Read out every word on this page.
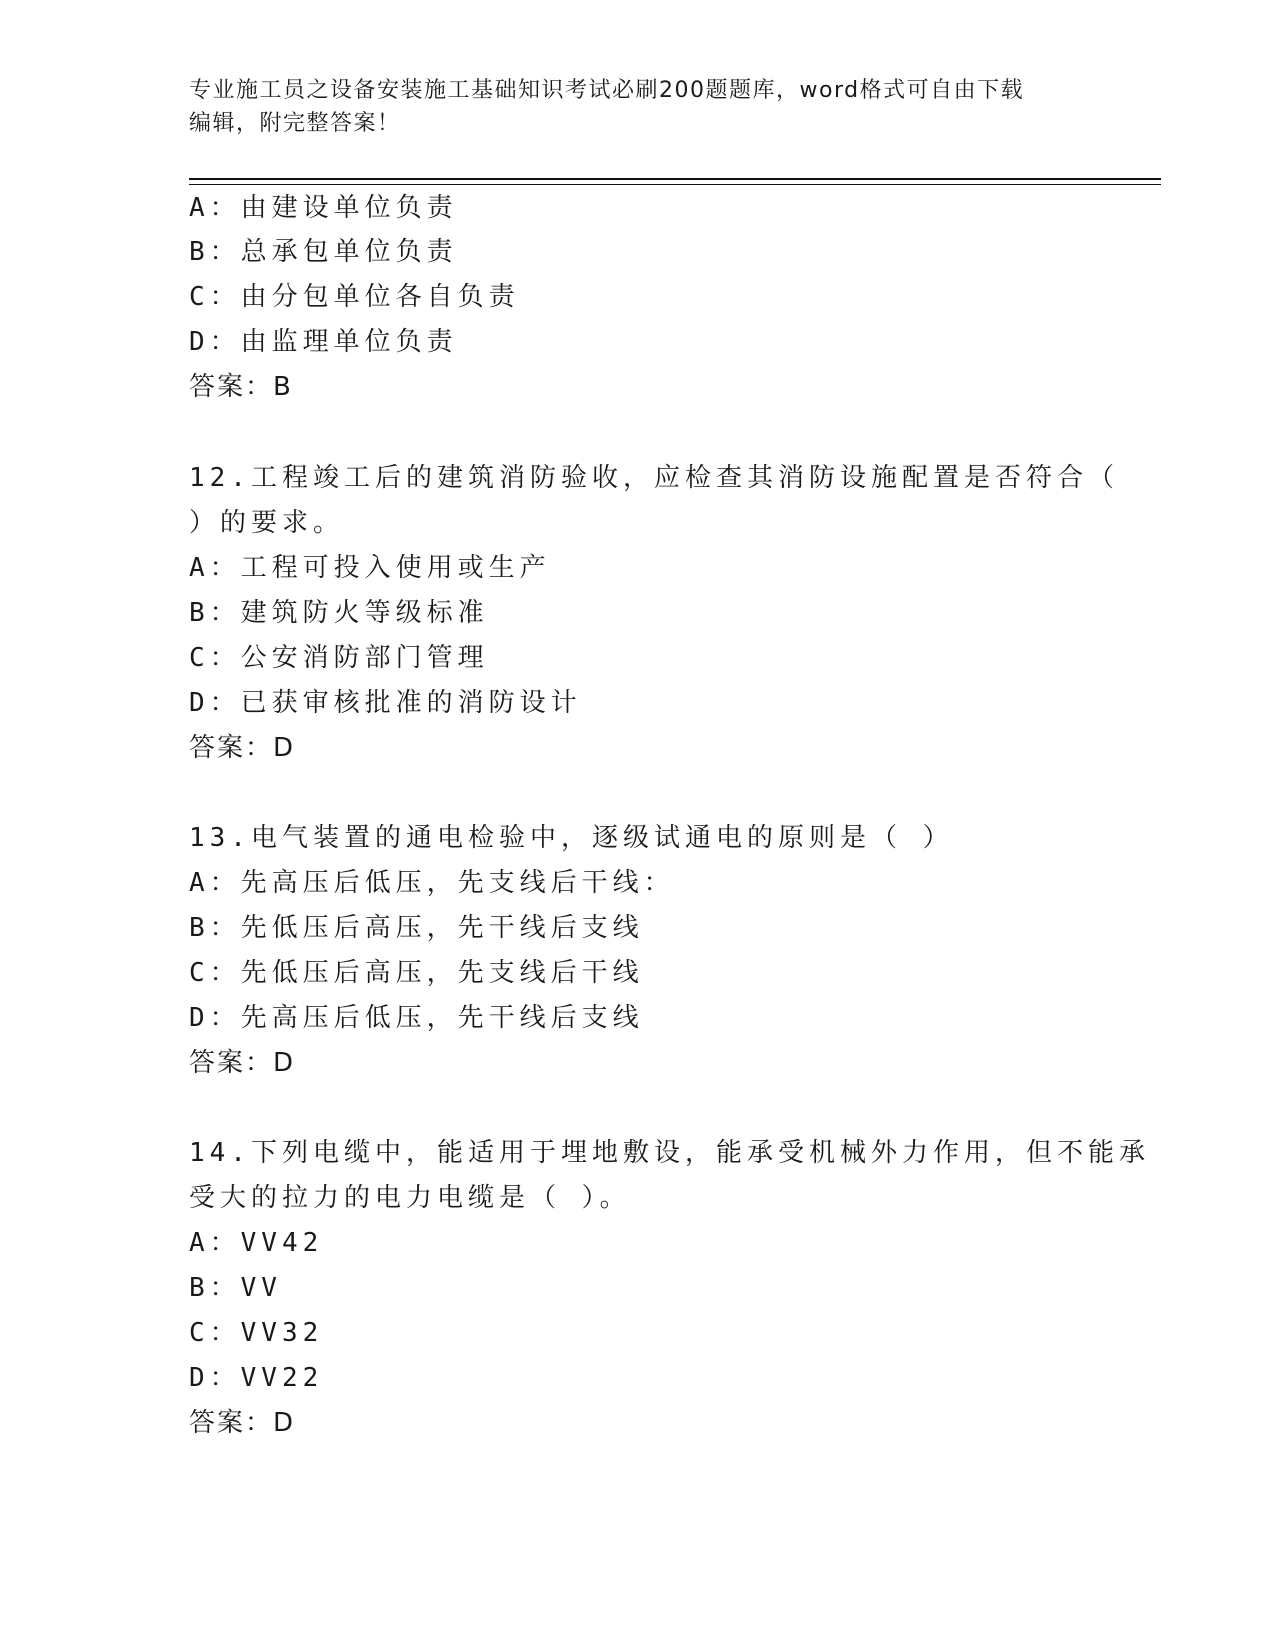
专业施工员之设备安装施工基础知识考试必刷200题题库，word格式可自由下载
编辑，附完整答案！
A：由建设单位负责
B：总承包单位负责
C：由分包单位各自负责
D：由监理单位负责
答案：B
12.工程竣工后的建筑消防验收，应检查其消防设施配置是否符合（
）的要求。
A：工程可投入使用或生产
B：建筑防火等级标准
C：公安消防部门管理
D：已获审核批准的消防设计
答案：D
13.电气装置的通电检验中，逐级试通电的原则是（ ）
A：先高压后低压，先支线后干线：
B：先低压后高压，先干线后支线
C：先低压后高压，先支线后干线
D：先高压后低压，先干线后支线
答案：D
14.下列电缆中，能适用于埋地敷设，能承受机械外力作用，但不能承
受大的拉力的电力电缆是（ ）。
A：VV42
B：VV
C：VV32
D：VV22
答案：D
